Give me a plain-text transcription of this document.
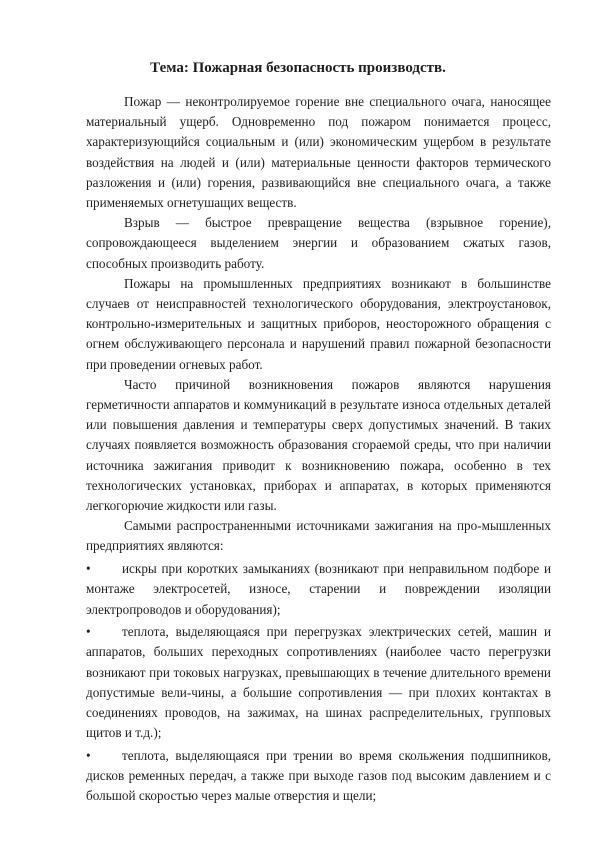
Тема: Пожарная безопасность производств.

Пожар — неконтролируемое горение вне специального очага, наносящее материальный ущерб. Одновременно под пожаром понимается процесс, характеризующийся социальным и (или) экономическим ущербом в результате воздействия на людей и (или) материальные ценности факторов термического разложения и (или) горения, развивающийся вне специального очага, а также применяемых огнетушащих веществ.

Взрыв — быстрое превращение вещества (взрывное горение), сопровождающееся выделением энергии и образованием сжатых газов, способных производить работу.

Пожары на промышленных предприятиях возникают в большинстве случаев от неисправностей технологического оборудования, электроустановок, контрольно-измерительных и защитных приборов, неосторожного обращения с огнем обслуживающего персонала и нарушений правил пожарной безопасности при проведении огневых работ.

Часто причиной возникновения пожаров являются нарушения герметичности аппаратов и коммуникаций в результате износа отдельных деталей или повышения давления и температуры сверх допустимых значений. В таких случаях появляется возможность образования сгораемой среды, что при наличии источника зажигания приводит к возникновению пожара, особенно в тех технологических установках, приборах и аппаратах, в которых применяются легкогорючие жидкости или газы.

Самыми распространенными источниками зажигания на про-мышленных предприятиях являются:

•	искры при коротких замыканиях (возникают при неправильном подборе и монтаже электросетей, износе, старении и повреждении изоляции электропроводов и оборудования);

•	теплота, выделяющаяся при перегрузках электрических сетей, машин и аппаратов, больших переходных сопротивлениях (наиболее часто перегрузки возникают при токовых нагрузках, превышающих в течение длительного времени допустимые вели-чины, а большие сопротивления — при плохих контактах в соединениях проводов, на зажимах, на шинах распределительных, групповых щитов и т.д.);

•	теплота, выделяющаяся при трении во время скольжения подшипников, дисков ременных передач, а также при выходе газов под высоким давлением и с большой скоростью через малые отверстия и щели;
